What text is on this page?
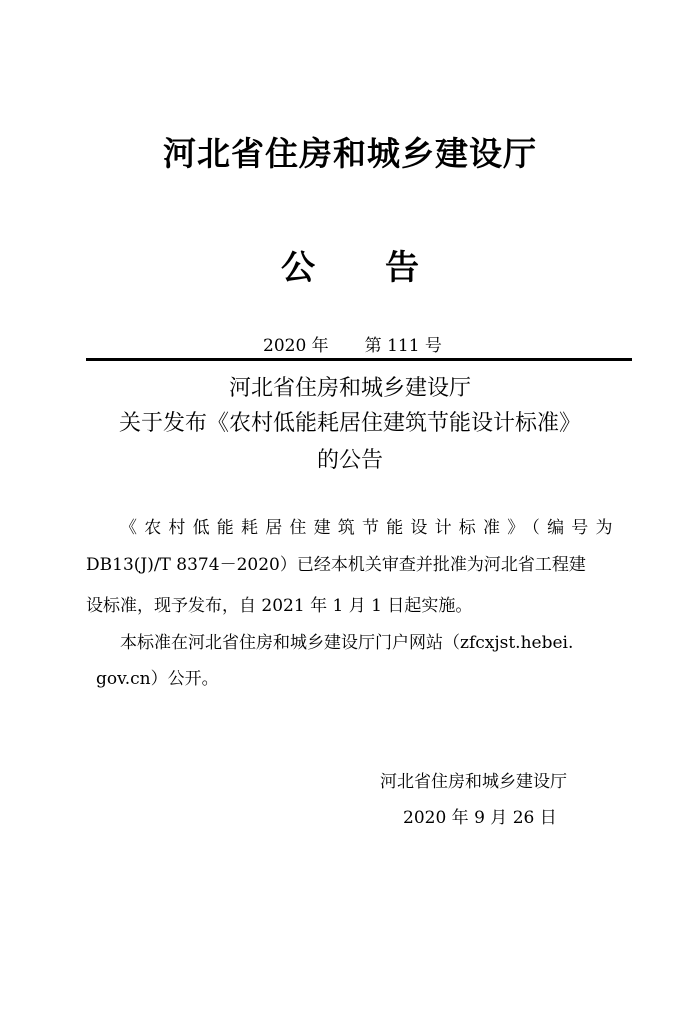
河北省住房和城乡建设厅
公 告
2020 年 第 111 号
河北省住房和城乡建设厅
关于发布《农村低能耗居住建筑节能设计标准》
的公告
《农村低能耗居住建筑节能设计标准》（编号为
DB13(J)/T 8374－2020）已经本机关审查并批准为河北省工程建
设标准，现予发布，自 2021 年 1 月 1 日起实施。
本标准在河北省住房和城乡建设厅门户网站（zfcxjst.hebei.
gov.cn）公开。
河北省住房和城乡建设厅
2020 年 9 月 26 日
